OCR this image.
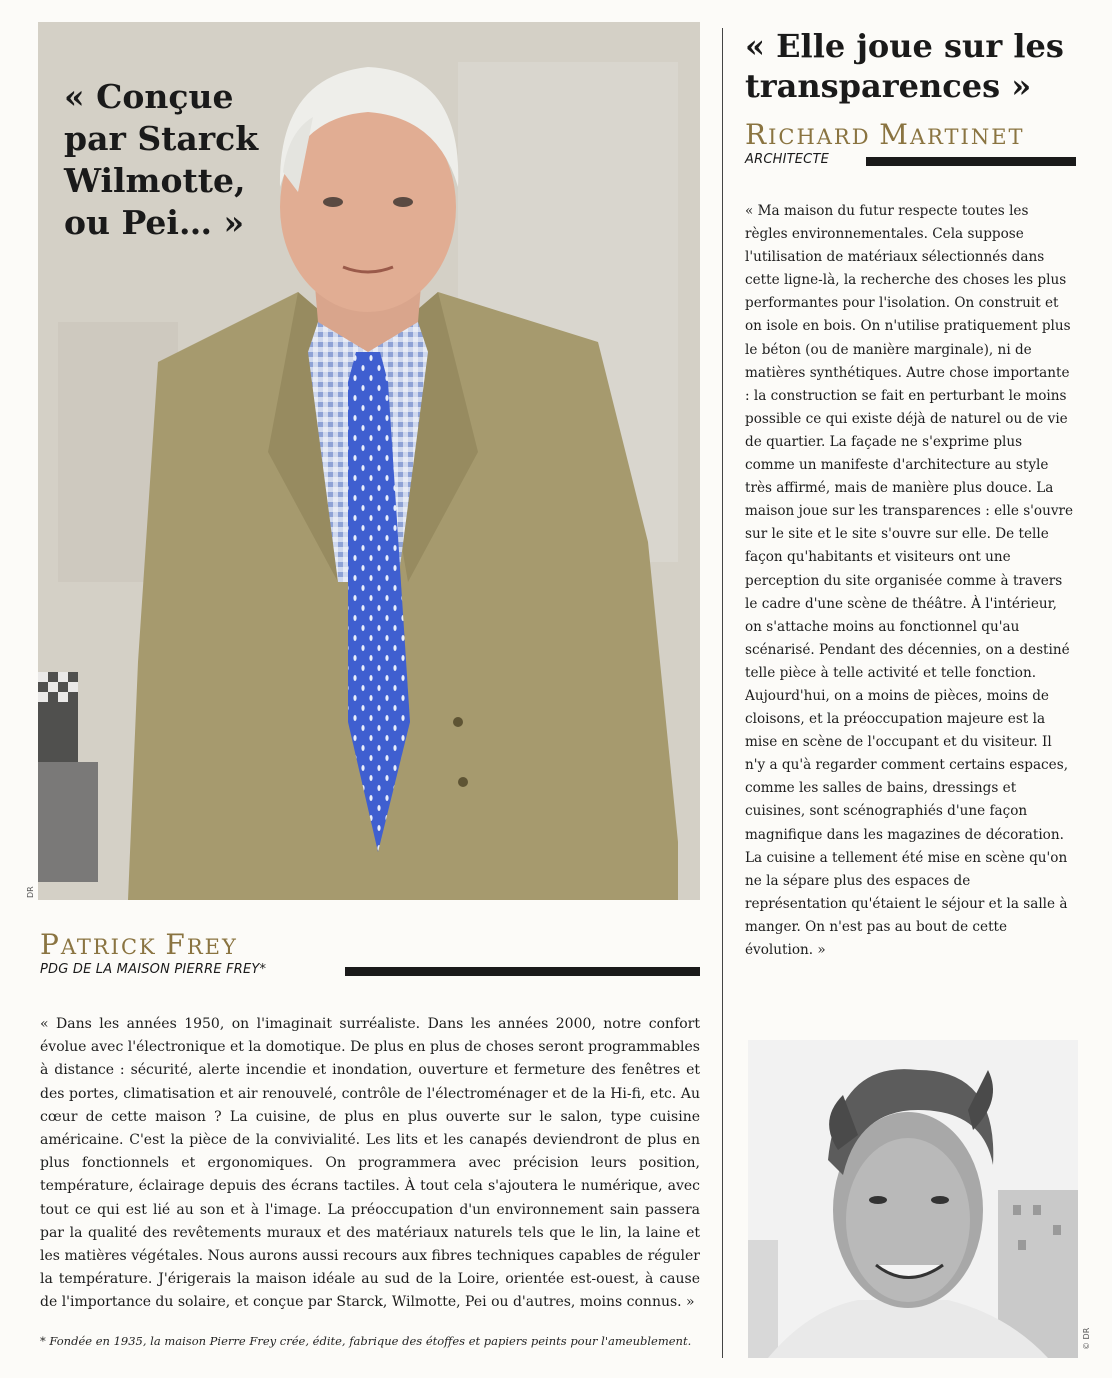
« Conçue par Starck Wilmotte, ou Pei… »

DR
PATRICK FREY

PDG DE LA MAISON PIERRE FREY*

« Dans les années 1950, on l'imaginait surréaliste. Dans les années 2000, notre confort évolue avec l'électronique et la domotique. De plus en plus de choses seront programmables à distance : sécurité, alerte incendie et inondation, ouverture et fermeture des fenêtres et des portes, climatisation et air renouvelé, contrôle de l'électroménager et de la Hi-fi, etc. Au cœur de cette maison ? La cuisine, de plus en plus ouverte sur le salon, type cuisine américaine. C'est la pièce de la convivialité. Les lits et les canapés deviendront de plus en plus fonctionnels et ergonomiques. On programmera avec précision leurs position, température, éclairage depuis des écrans tactiles. À tout cela s'ajoutera le numérique, avec tout ce qui est lié au son et à l'image. La préoccupation d'un environnement sain passera par la qualité des revêtements muraux et des matériaux naturels tels que le lin, la laine et les matières végétales. Nous aurons aussi recours aux fibres techniques capables de réguler la température. J'érigerais la maison idéale au sud de la Loire, orientée est-ouest, à cause de l'importance du solaire, et conçue par Starck, Wilmotte, Pei ou d'autres, moins connus. »

* Fondée en 1935, la maison Pierre Frey crée, édite, fabrique des étoffes et papiers peints pour l'ameublement.

« Elle joue sur les transparences »
RICHARD MARTINET

ARCHITECTE

« Ma maison du futur respecte toutes les règles environnementales. Cela suppose l'utilisation de matériaux sélectionnés dans cette ligne-là, la recherche des choses les plus performantes pour l'isolation. On construit et on isole en bois. On n'utilise pratiquement plus le béton (ou de manière marginale), ni de matières synthétiques. Autre chose importante : la construction se fait en perturbant le moins possible ce qui existe déjà de naturel ou de vie de quartier. La façade ne s'exprime plus comme un manifeste d'architecture au style très affirmé, mais de manière plus douce. La maison joue sur les transparences : elle s'ouvre sur le site et le site s'ouvre sur elle. De telle façon qu'habitants et visiteurs ont une perception du site organisée comme à travers le cadre d'une scène de théâtre. À l'intérieur, on s'attache moins au fonctionnel qu'au scénarisé. Pendant des décennies, on a destiné telle pièce à telle activité et telle fonction. Aujourd'hui, on a moins de pièces, moins de cloisons, et la préoccupation majeure est la mise en scène de l'occupant et du visiteur. Il n'y a qu'à regarder comment certains espaces, comme les salles de bains, dressings et cuisines, sont scénographiés d'une façon magnifique dans les magazines de décoration. La cuisine a tellement été mise en scène qu'on ne la sépare plus des espaces de représentation qu'étaient le séjour et la salle à manger. On n'est pas au bout de cette évolution. »

© DR
